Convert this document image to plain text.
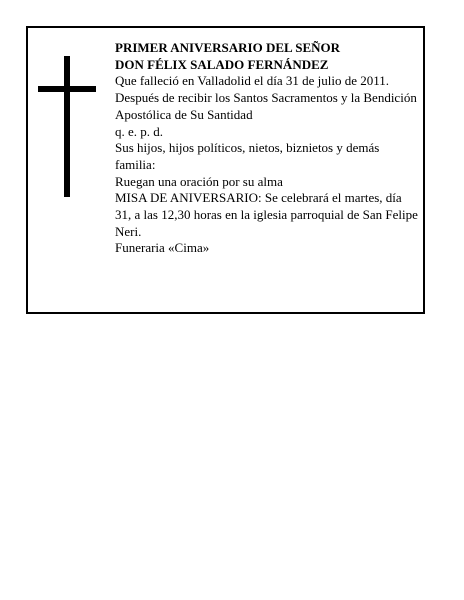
PRIMER ANIVERSARIO DEL SEÑOR

DON FÉLIX SALADO FERNÁNDEZ

Que falleció en Valladolid el día 31 de julio de 2011.

Después de recibir los Santos Sacramentos y la Bendición Apostólica de Su Santidad

q. e. p. d.

Sus hijos, hijos políticos, nietos, biznietos y demás familia:

Ruegan una oración por su alma

MISA DE ANIVERSARIO: Se celebrará el martes, día 31, a las 12,30 horas en la iglesia parroquial de San Felipe Neri.

Funeraria «Cima»
